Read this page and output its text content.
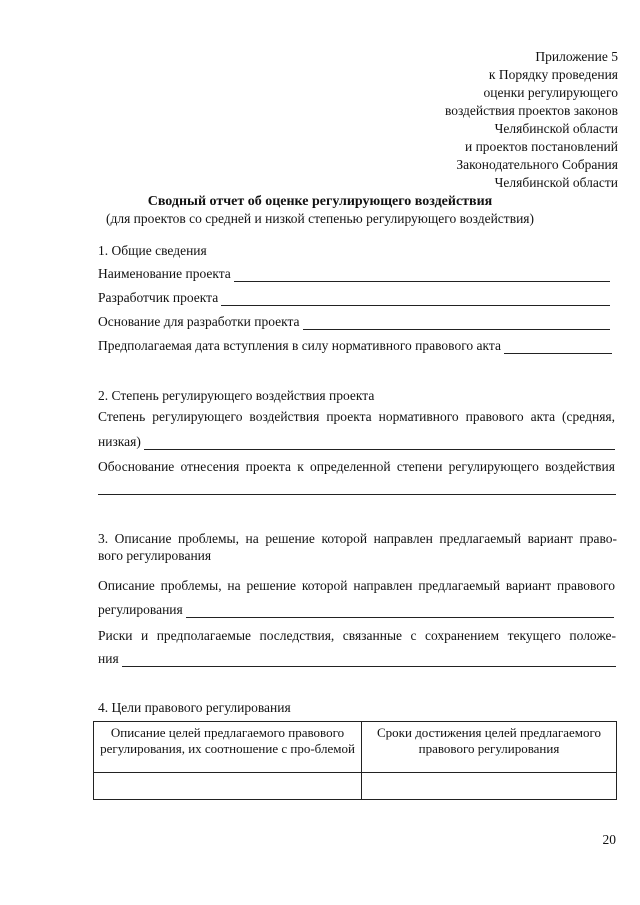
Приложение 5
к Порядку проведения
оценки регулирующего
воздействия проектов законов
Челябинской области
и проектов постановлений
Законодательного Собрания
Челябинской области
Сводный отчет об оценке регулирующего воздействия
(для проектов со средней и низкой степенью регулирующего воздействия)
1. Общие сведения
Наименование проекта
Разработчик проекта
Основание для разработки проекта
Предполагаемая дата вступления в силу нормативного правового акта
2. Степень регулирующего воздействия проекта
Степень регулирующего воздействия проекта нормативного правового акта (средняя,
низкая)
Обоснование отнесения проекта к определенной степени регулирующего воздействия
3. Описание проблемы, на решение которой направлен предлагаемый вариант право-
вого регулирования
Описание проблемы, на решение которой направлен предлагаемый вариант правового
регулирования
Риски и предполагаемые последствия, связанные с сохранением текущего положе-
ния
4. Цели правового регулирования
Описание целей предлагаемого правового регулирования, их соотношение с про-блемой	Сроки достижения целей предлагаемого правового регулирования

20
